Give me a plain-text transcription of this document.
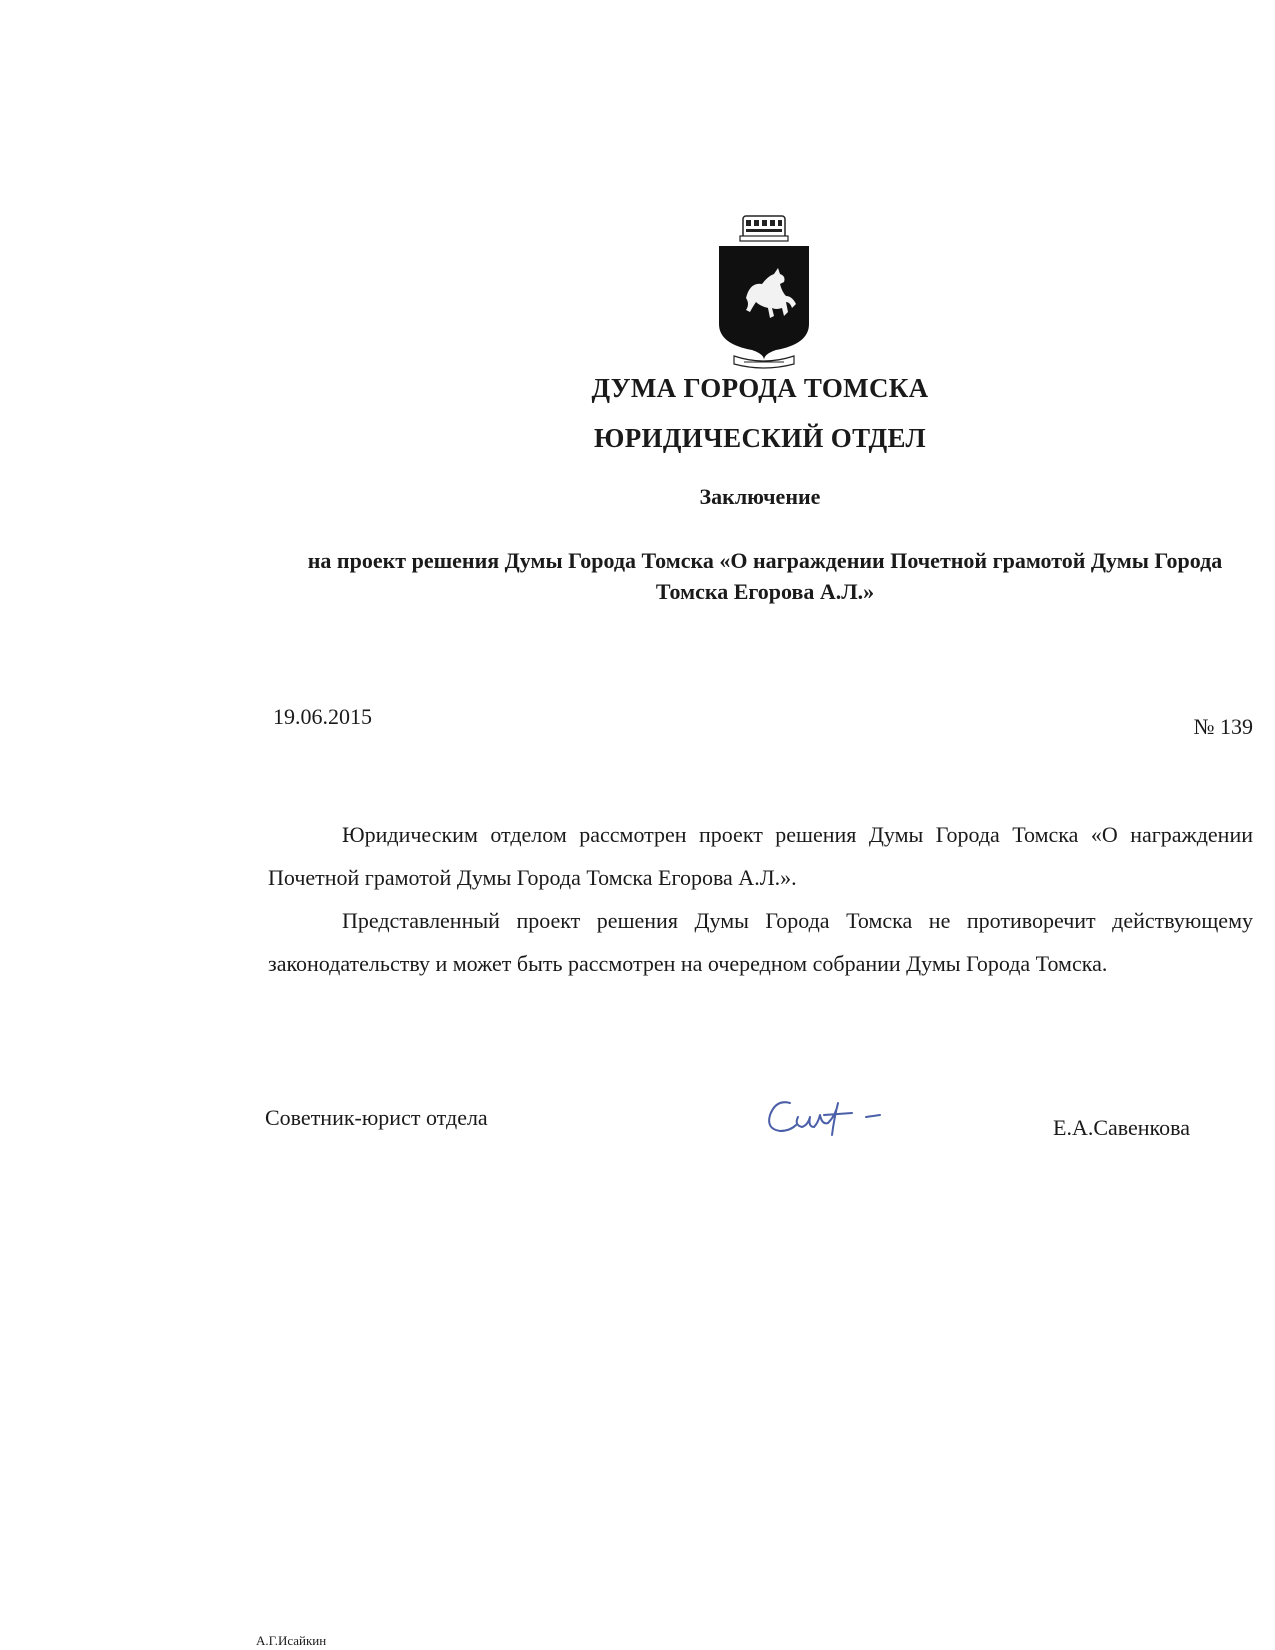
ДУМА ГОРОДА ТОМСКА
ЮРИДИЧЕСКИЙ ОТДЕЛ
Заключение
на проект решения Думы Города Томска «О награждении Почетной грамотой Думы Города Томска Егорова А.Л.»
19.06.2015	№ 139

Юридическим отделом рассмотрен проект решения Думы Города Томска «О награждении Почетной грамотой Думы Города Томска Егорова А.Л.».

Представленный проект решения Думы Города Томска не противоречит действующему законодательству и может быть рассмотрен на очередном собрании Думы Города Томска.

Советник-юрист отдела	Е.А.Савенкова
А.Г.Исайкин
